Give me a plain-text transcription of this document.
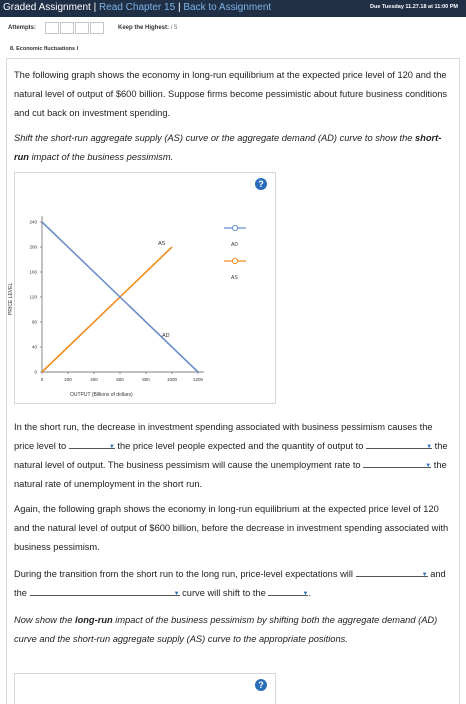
Graded Assignment | Read Chapter 15 | Back to Assignment	Due Tuesday 11.27.18 at 11:00 PM
Attempts:	Keep the Highest: / 5
8. Economic fluctuations I

The following graph shows the economy in long-run equilibrium at the expected price level of 120 and the natural level of output of $600 billion. Suppose firms become pessimistic about future business conditions and cut back on investment spending.

Shift the short-run aggregate supply (AS) curve or the aggregate demand (AD) curve to show the short-run impact of the business pessimism.

?
0
40
80
120
160
200
240
0	200	400	600	800	1000	1200
AS
AD
PRICE LEVEL
OUTPUT (Billions of dollars)
AD
AS

In the short run, the decrease in investment spending associated with business pessimism causes the price level to	▼ the price level people expected and the quantity of output to	▼ the natural level of output. The business pessimism will cause the unemployment rate to	▼ the natural rate of unemployment in the short run.

Again, the following graph shows the economy in long-run equilibrium at the expected price level of 120 and the natural level of output of $600 billion, before the decrease in investment spending associated with business pessimism.

During the transition from the short run to the long run, price-level expectations will	▼ and the	▼ curve will shift to the	▼ .

Now show the long-run impact of the business pessimism by shifting both the aggregate demand (AD) curve and the short-run aggregate supply (AS) curve to the appropriate positions.

?
